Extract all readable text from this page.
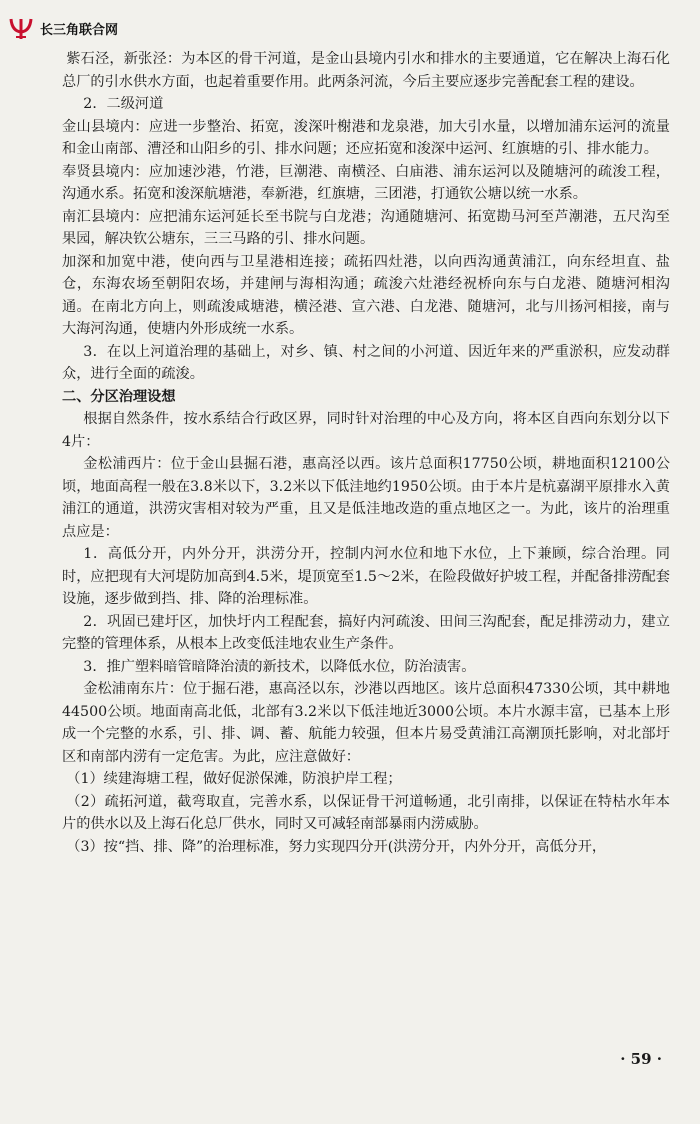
长三角联合网

紫石泾，新张泾：为本区的骨干河道，是金山县境内引水和排水的主要通道，它在解决上海石化总厂的引水供水方面，也起着重要作用。此两条河流，今后主要应逐步完善配套工程的建设。

2．二级河道

金山县境内：应进一步整治、拓宽，浚深叶榭港和龙泉港，加大引水量，以增加浦东运河的流量和金山南部、漕泾和山阳乡的引、排水问题；还应拓宽和浚深中运河、红旗塘的引、排水能力。

奉贤县境内：应加速沙港，竹港，巨潮港、南横泾、白庙港、浦东运河以及随塘河的疏浚工程，沟通水系。拓宽和浚深航塘港，奉新港，红旗塘，三团港，打通钦公塘以统一水系。

南汇县境内：应把浦东运河延长至书院与白龙港；沟通随塘河、拓宽勘马河至芦潮港，五尺沟至果园，解决钦公塘东，三三马路的引、排水问题。

加深和加宽中港，使向西与卫星港相连接；疏拓四灶港，以向西沟通黄浦江，向东经坦直、盐仓，东海农场至朝阳农场，并建闸与海相沟通；疏浚六灶港经祝桥向东与白龙港、随塘河相沟通。在南北方向上，则疏浚咸塘港，横泾港、宣六港、白龙港、随塘河，北与川扬河相接，南与大海河沟通，使塘内外形成统一水系。

3．在以上河道治理的基础上，对乡、镇、村之间的小河道、因近年来的严重淤积，应发动群众，进行全面的疏浚。

二、分区治理设想

根据自然条件，按水系结合行政区界，同时针对治理的中心及方向，将本区自西向东划分以下4片：

金松浦西片：位于金山县掘石港，惠高泾以西。该片总面积17750公顷，耕地面积12100公顷，地面高程一般在3.8米以下，3.2米以下低洼地约1950公顷。由于本片是杭嘉湖平原排水入黄浦江的通道，洪涝灾害相对较为严重，且又是低洼地改造的重点地区之一。为此，该片的治理重点应是：

1．高低分开，内外分开，洪涝分开，控制内河水位和地下水位，上下兼顾，综合治理。同时，应把现有大河堤防加高到4.5米，堤顶宽至1.5～2米，在险段做好护坡工程，并配备排涝配套设施，逐步做到挡、排、降的治理标准。

2．巩固已建圩区，加快圩内工程配套，搞好内河疏浚、田间三沟配套，配足排涝动力，建立完整的管理体系，从根本上改变低洼地农业生产条件。

3．推广塑料暗管暗降治渍的新技术，以降低水位，防治渍害。

金松浦南东片：位于掘石港，惠高泾以东，沙港以西地区。该片总面积47330公顷，其中耕地44500公顷。地面南高北低，北部有3.2米以下低洼地近3000公顷。本片水源丰富，已基本上形成一个完整的水系，引、排、调、蓄、航能力较强，但本片易受黄浦江高潮顶托影响，对北部圩区和南部内涝有一定危害。为此，应注意做好：

（1）续建海塘工程，做好促淤保滩，防浪护岸工程；

（2）疏拓河道，截弯取直，完善水系，以保证骨干河道畅通，北引南排，以保证在特枯水年本片的供水以及上海石化总厂供水，同时又可减轻南部暴雨内涝威胁。

（3）按“挡、排、降”的治理标准，努力实现四分开(洪涝分开，内外分开，高低分开，

· 59 ·
